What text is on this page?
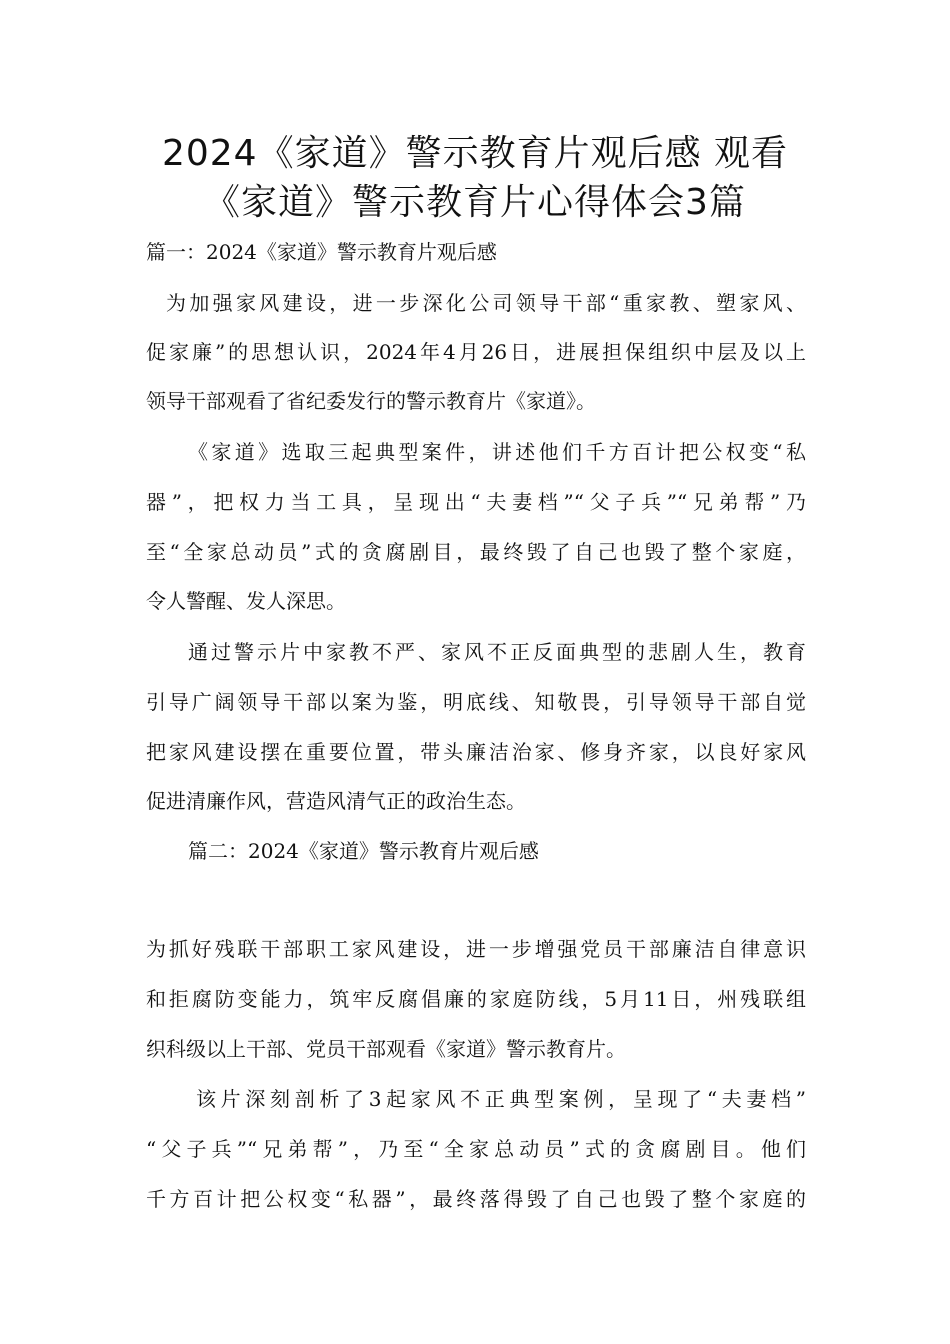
2024《家道》警示教育片观后感 观看
《家道》警示教育片心得体会3篇
篇一：2024《家道》警示教育片观后感
为加强家风建设，进一步深化公司领导干部“重家教、塑家风、
促家廉”的思想认识，2024年4月26日，进展担保组织中层及以上
领导干部观看了省纪委发行的警示教育片《家道》。
《家道》选取三起典型案件，讲述他们千方百计把公权变“私
器”，把权力当工具，呈现出“夫妻档”“父子兵”“兄弟帮”乃
至“全家总动员”式的贪腐剧目，最终毁了自己也毁了整个家庭，
令人警醒、发人深思。
通过警示片中家教不严、家风不正反面典型的悲剧人生，教育
引导广阔领导干部以案为鉴，明底线、知敬畏，引导领导干部自觉
把家风建设摆在重要位置，带头廉洁治家、修身齐家，以良好家风
促进清廉作风，营造风清气正的政治生态。
篇二：2024《家道》警示教育片观后感
为抓好残联干部职工家风建设，进一步增强党员干部廉洁自律意识
和拒腐防变能力，筑牢反腐倡廉的家庭防线，5月11日，州残联组
织科级以上干部、党员干部观看《家道》警示教育片。
该片深刻剖析了3起家风不正典型案例，呈现了“夫妻档”
“父子兵”“兄弟帮”，乃至“全家总动员”式的贪腐剧目。他们
千方百计把公权变“私器”，最终落得毁了自己也毁了整个家庭的
